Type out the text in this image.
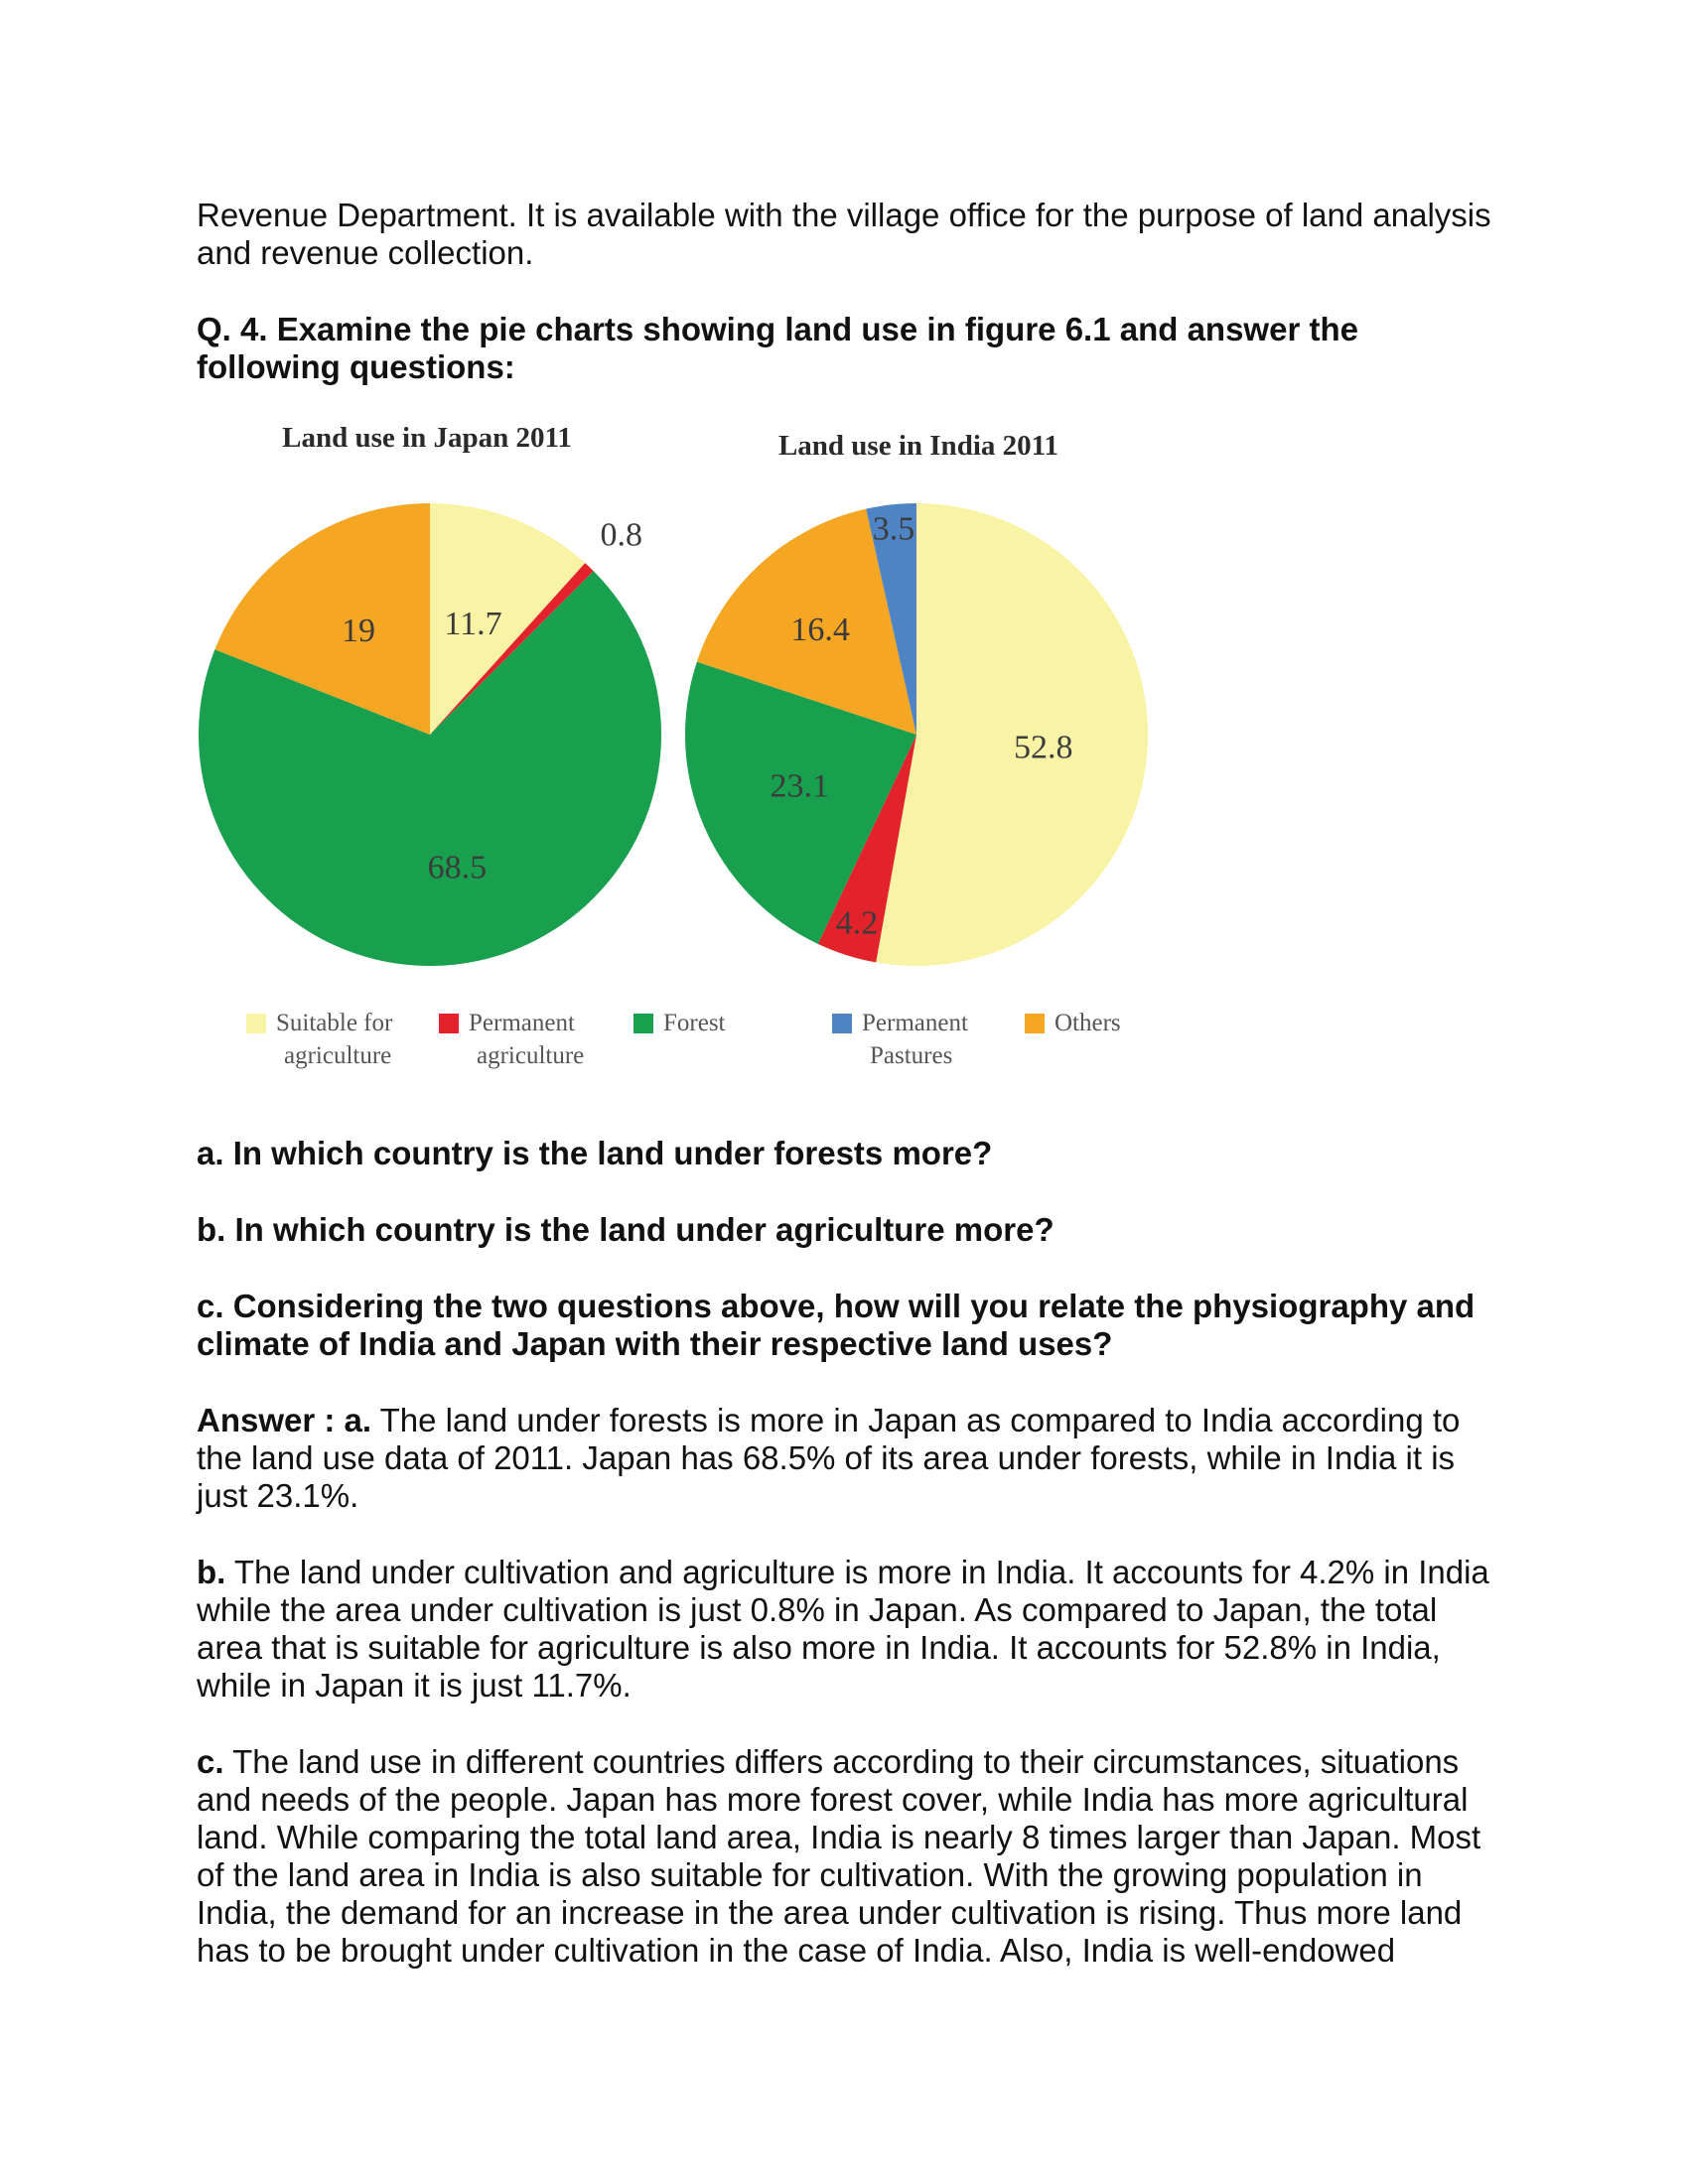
Revenue Department. It is available with the village office for the purpose of land analysis and revenue collection.

Q. 4. Examine the pie charts showing land use in figure 6.1 and answer the following questions:

Land use in Japan 2011	Land use in India 2011
11.7
0.8
68.5
19
52.8
4.2
23.1
16.4
3.5
Suitable for
agriculture
Permanent
agriculture
Forest	Permanent
Pastures
Others

a. In which country is the land under forests more?

b. In which country is the land under agriculture more?

c. Considering the two questions above, how will you relate the physiography and climate of India and Japan with their respective land uses?

Answer : a. The land under forests is more in Japan as compared to India according to the land use data of 2011. Japan has 68.5% of its area under forests, while in India it is just 23.1%.

b. The land under cultivation and agriculture is more in India. It accounts for 4.2% in India while the area under cultivation is just 0.8% in Japan. As compared to Japan, the total area that is suitable for agriculture is also more in India. It accounts for 52.8% in India, while in Japan it is just 11.7%.

c. The land use in different countries differs according to their circumstances, situations and needs of the people. Japan has more forest cover, while India has more agricultural land. While comparing the total land area, India is nearly 8 times larger than Japan. Most of the land area in India is also suitable for cultivation. With the growing population in India, the demand for an increase in the area under cultivation is rising. Thus more land has to be brought under cultivation in the case of India. Also, India is well-endowed
